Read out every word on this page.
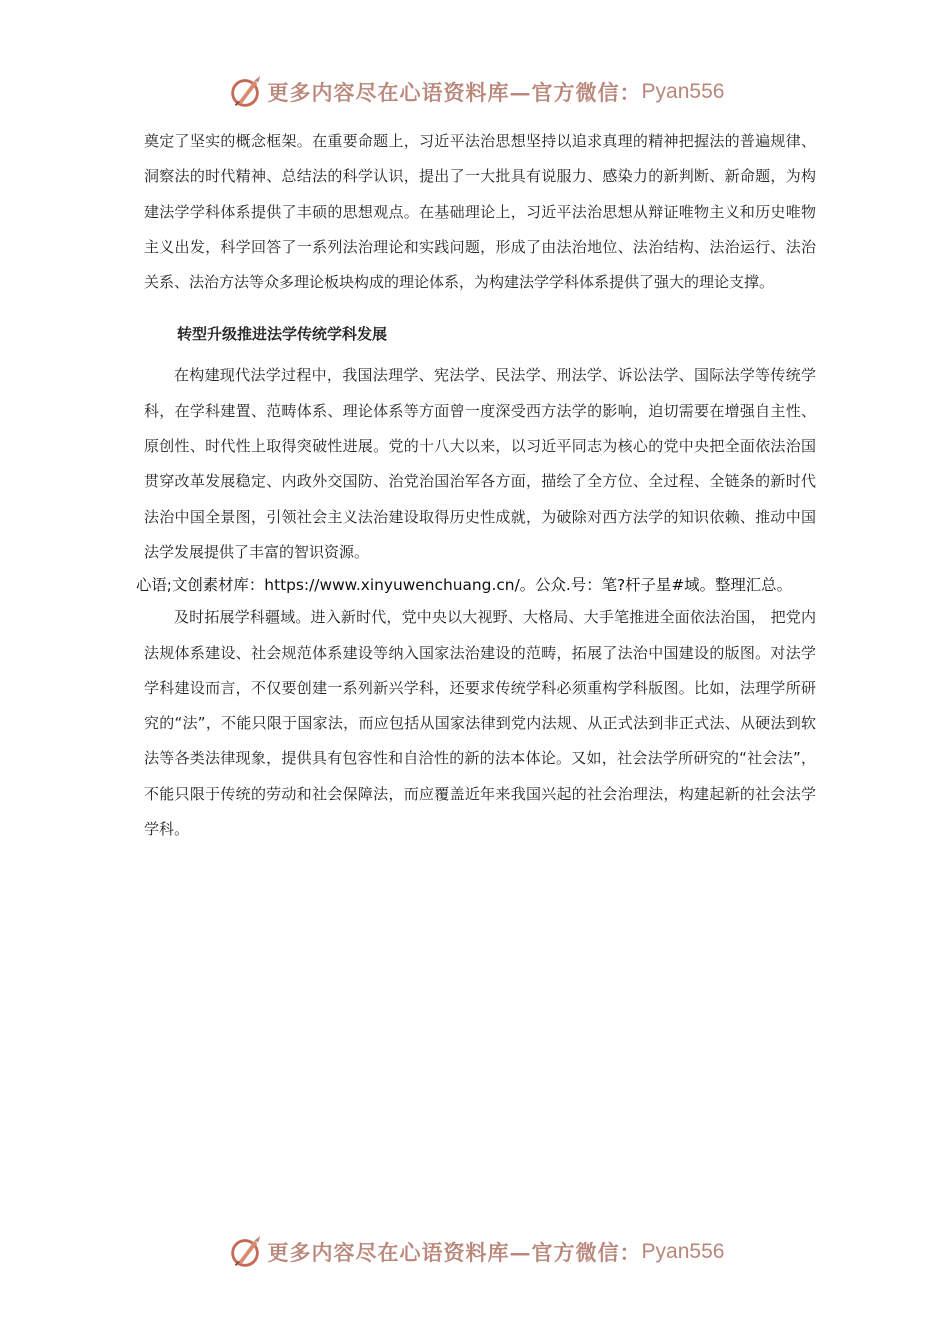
更多内容尽在心语资料库—官方微信： Pyan556

奠定了坚实的概念框架。在重要命题上，习近平法治思想坚持以追求真理的精神把握法的普遍规律、洞察法的时代精神、总结法的科学认识，提出了一大批具有说服力、感染力的新判断、新命题，为构建法学学科体系提供了丰硕的思想观点。在基础理论上，习近平法治思想从辩证唯物主义和历史唯物主义出发，科学回答了一系列法治理论和实践问题，形成了由法治地位、法治结构、法治运行、法治关系、法治方法等众多理论板块构成的理论体系，为构建法学学科体系提供了强大的理论支撑。

转型升级推进法学传统学科发展

在构建现代法学过程中，我国法理学、宪法学、民法学、刑法学、诉讼法学、国际法学等传统学科，在学科建置、范畴体系、理论体系等方面曾一度深受西方法学的影响，迫切需要在增强自主性、原创性、时代性上取得突破性进展。党的十八大以来，以习近平同志为核心的党中央把全面依法治国贯穿改革发展稳定、内政外交国防、治党治国治军各方面，描绘了全方位、全过程、全链条的新时代法治中国全景图，引领社会主义法治建设取得历史性成就，为破除对西方法学的知识依赖、推动中国法学发展提供了丰富的智识资源。

心语;文创素材库：https://www.xinyuwenchuang.cn/。公众.号：笔?杆子星#域。整理汇总。

及时拓展学科疆域。进入新时代，党中央以大视野、大格局、大手笔推进全面依法治国， 把党内法规体系建设、社会规范体系建设等纳入国家法治建设的范畴，拓展了法治中国建设的版图。对法学学科建设而言，不仅要创建一系列新兴学科，还要求传统学科必须重构学科版图。比如，法理学所研究的“法”，不能只限于国家法，而应包括从国家法律到党内法规、从正式法到非正式法、从硬法到软法等各类法律现象，提供具有包容性和自洽性的新的法本体论。又如，社会法学所研究的“社会法”，不能只限于传统的劳动和社会保障法，而应覆盖近年来我国兴起的社会治理法，构建起新的社会法学学科。

更多内容尽在心语资料库—官方微信： Pyan556
